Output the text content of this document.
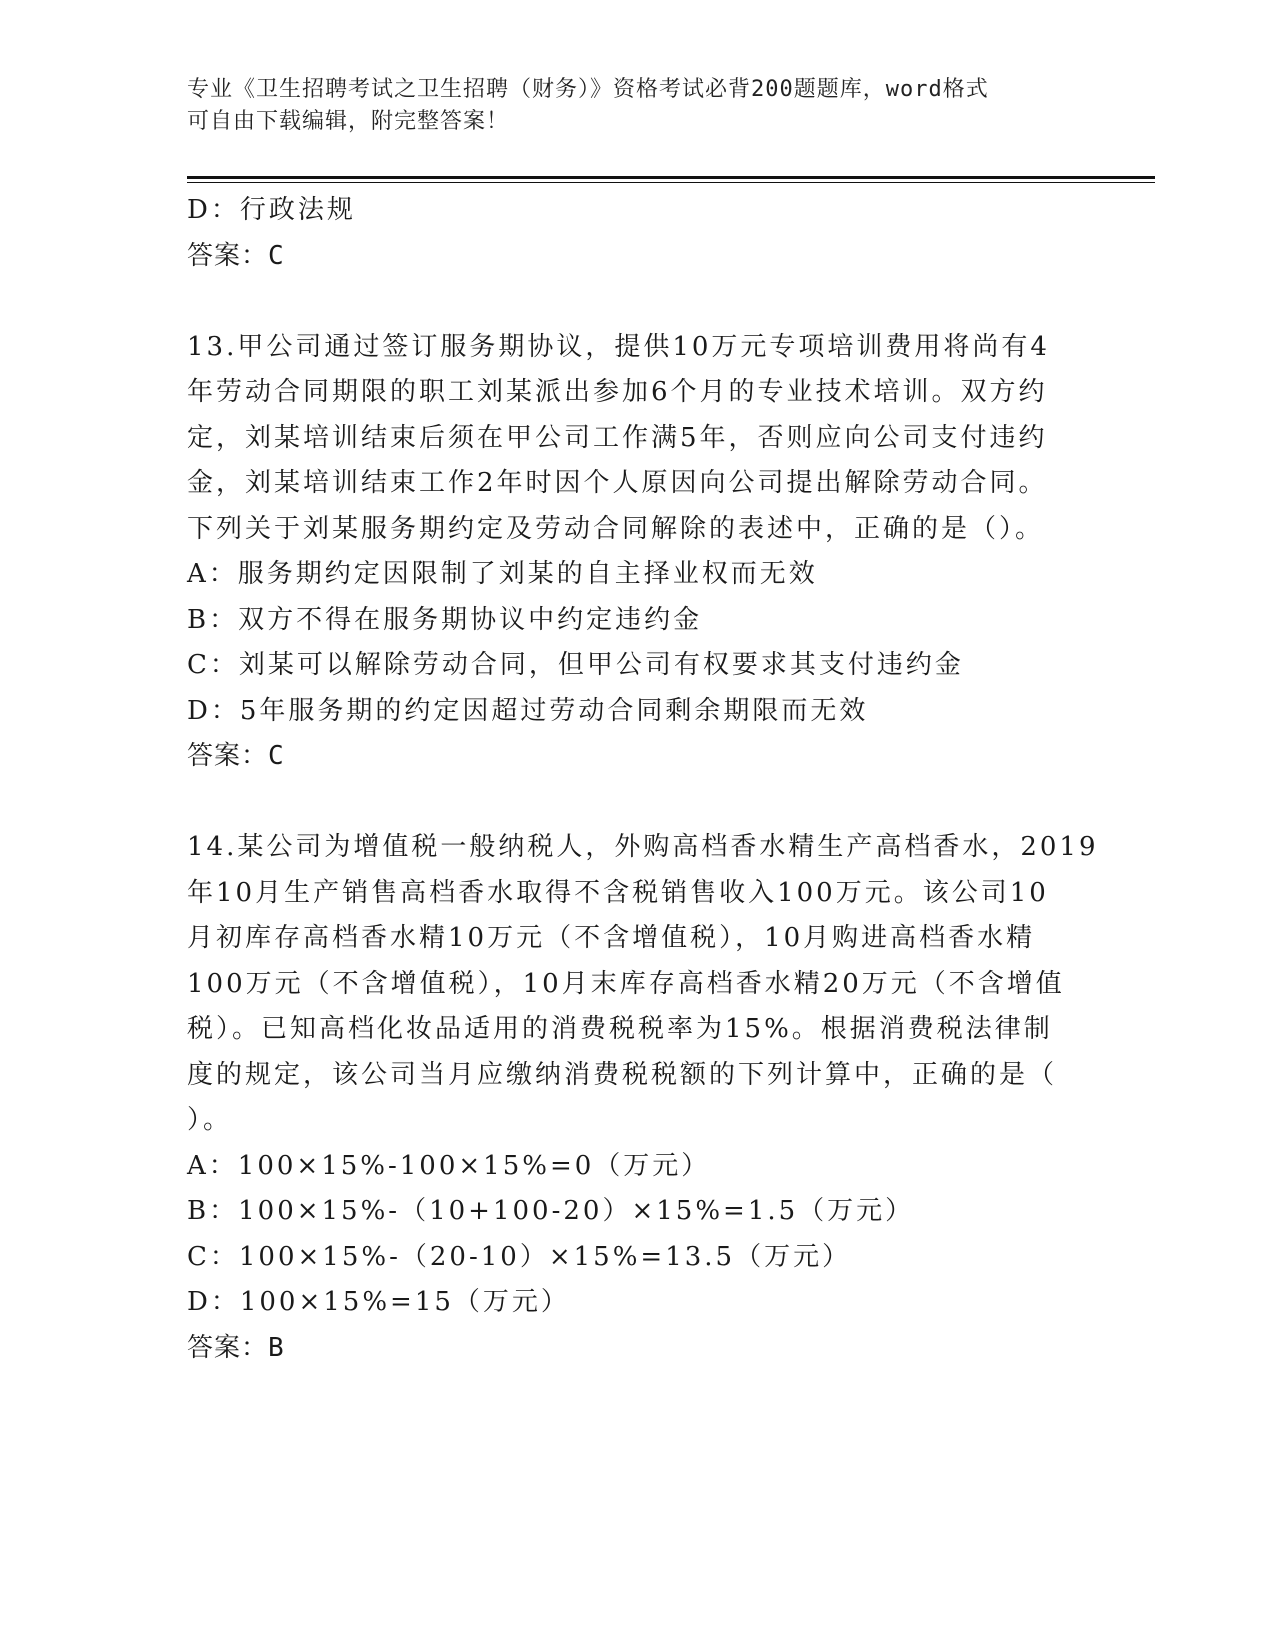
专业《卫生招聘考试之卫生招聘（财务）》资格考试必背200题题库，word格式
可自由下载编辑，附完整答案！
D：行政法规
答案：C
13.甲公司通过签订服务期协议，提供10万元专项培训费用将尚有4
年劳动合同期限的职工刘某派出参加6个月的专业技术培训。双方约
定，刘某培训结束后须在甲公司工作满5年，否则应向公司支付违约
金，刘某培训结束工作2年时因个人原因向公司提出解除劳动合同。
下列关于刘某服务期约定及劳动合同解除的表述中，正确的是（）。
A：服务期约定因限制了刘某的自主择业权而无效
B：双方不得在服务期协议中约定违约金
C：刘某可以解除劳动合同，但甲公司有权要求其支付违约金
D：5年服务期的约定因超过劳动合同剩余期限而无效
答案：C
14.某公司为增值税一般纳税人，外购高档香水精生产高档香水，2019
年10月生产销售高档香水取得不含税销售收入100万元。该公司10
月初库存高档香水精10万元（不含增值税），10月购进高档香水精
100万元（不含增值税），10月末库存高档香水精20万元（不含增值
税）。已知高档化妆品适用的消费税税率为15%。根据消费税法律制
度的规定，该公司当月应缴纳消费税税额的下列计算中，正确的是（
）。
A：100×15%-100×15%=0（万元）
B：100×15%-（10+100-20）×15%=1.5（万元）
C：100×15%-（20-10）×15%=13.5（万元）
D：100×15%=15（万元）
答案：B
